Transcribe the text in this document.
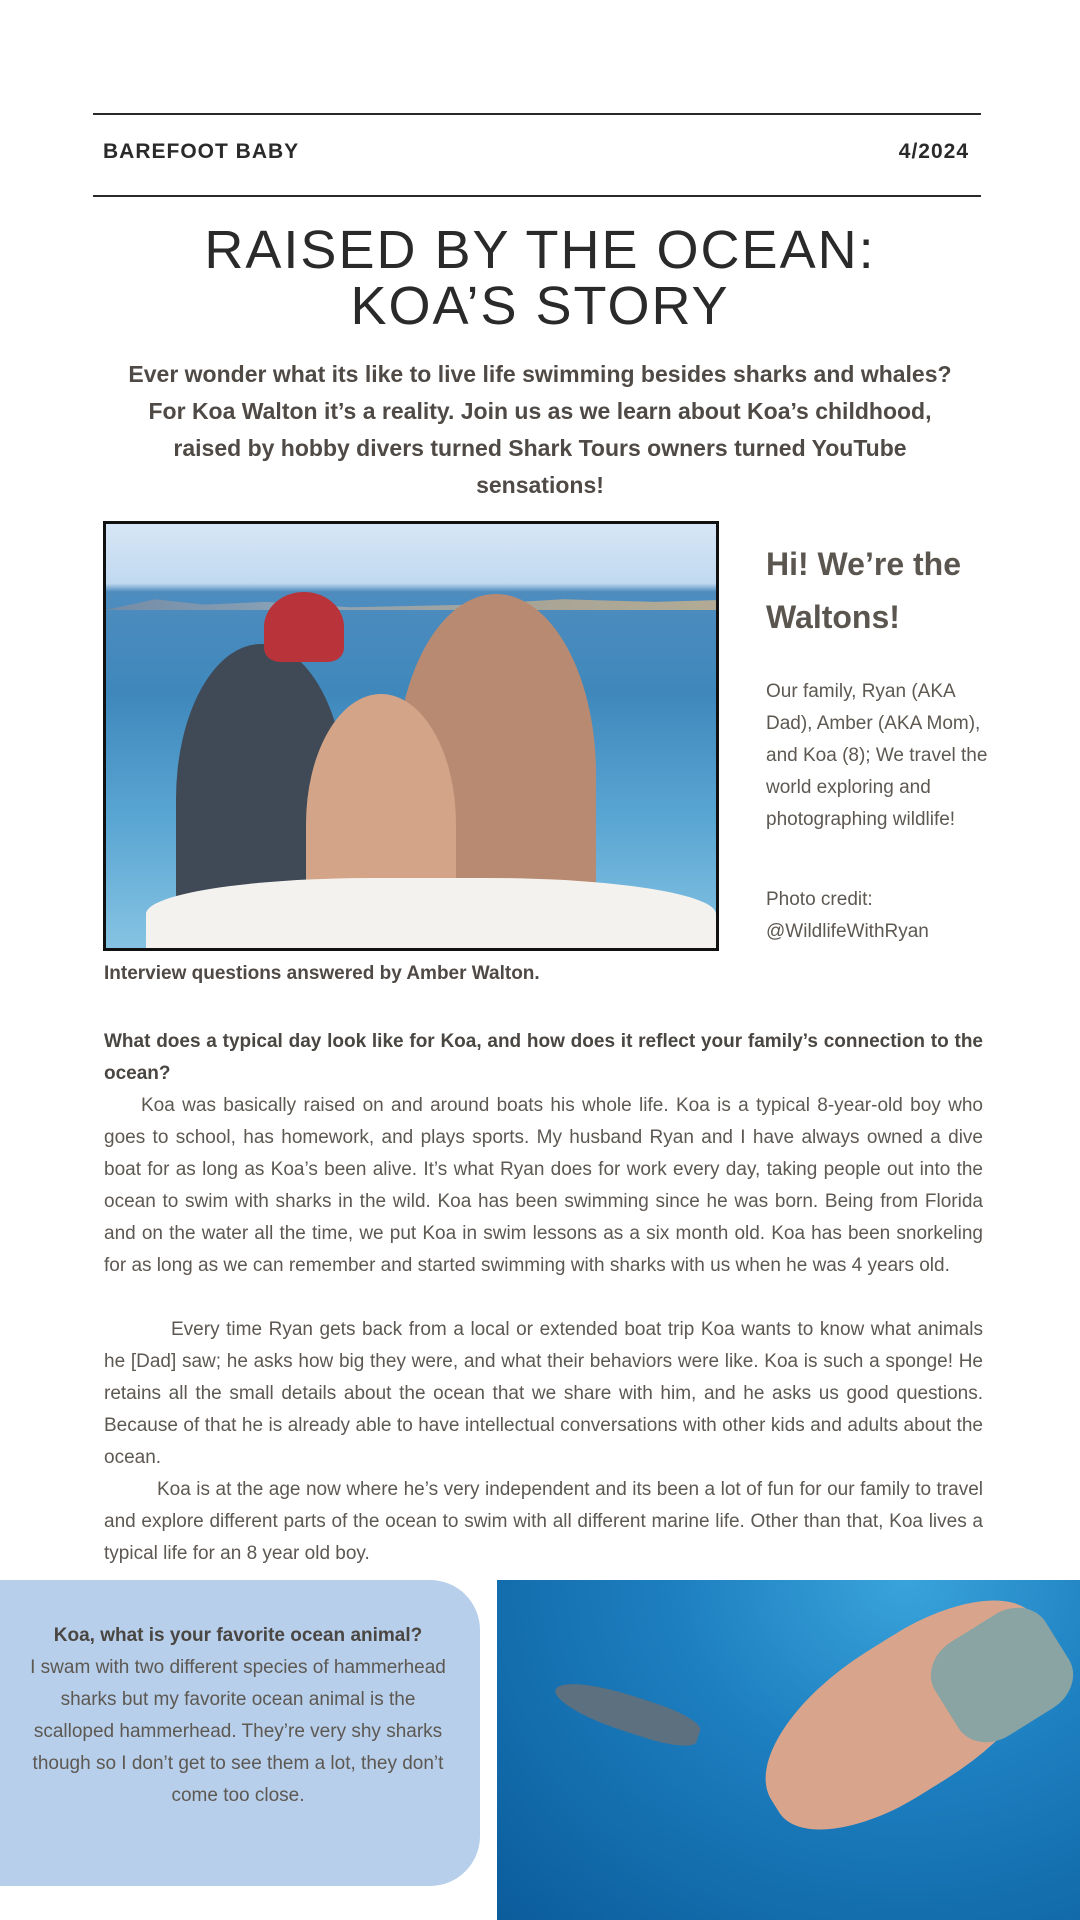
BAREFOOT BABY	4/2024
RAISED BY THE OCEAN:
KOA’S STORY

Ever wonder what its like to live life swimming besides sharks and whales? For Koa Walton it’s a reality. Join us as we learn about Koa’s childhood, raised by hobby divers turned Shark Tours owners turned YouTube sensations!

Hi! We’re the Waltons!

Our family, Ryan (AKA Dad), Amber (AKA Mom), and Koa (8); We travel the world exploring and photographing wildlife!

Photo credit: @WildlifeWithRyan

Interview questions answered by Amber Walton.

What does a typical day look like for Koa, and how does it reflect your family’s connection to the ocean?

Koa was basically raised on and around boats his whole life. Koa is a typical 8-year-old boy who goes to school, has homework, and plays sports. My husband Ryan and I have always owned a dive boat for as long as Koa’s been alive. It’s what Ryan does for work every day, taking people out into the ocean to swim with sharks in the wild. Koa has been swimming since he was born. Being from Florida and on the water all the time, we put Koa in swim lessons as a six month old. Koa has been snorkeling for as long as we can remember and started swimming with sharks with us when he was 4 years old.

Every time Ryan gets back from a local or extended boat trip Koa wants to know what animals he [Dad] saw; he asks how big they were, and what their behaviors were like. Koa is such a sponge! He retains all the small details about the ocean that we share with him, and he asks us good questions. Because of that he is already able to have intellectual conversations with other kids and adults about the ocean.

Koa is at the age now where he’s very independent and its been a lot of fun for our family to travel and explore different parts of the ocean to swim with all different marine life. Other than that, Koa lives a typical life for an 8 year old boy.

Koa, what is your favorite ocean animal?

I swam with two different species of hammerhead sharks but my favorite ocean animal is the scalloped hammerhead. They’re very shy sharks though so I don’t get to see them a lot, they don’t come too close.
